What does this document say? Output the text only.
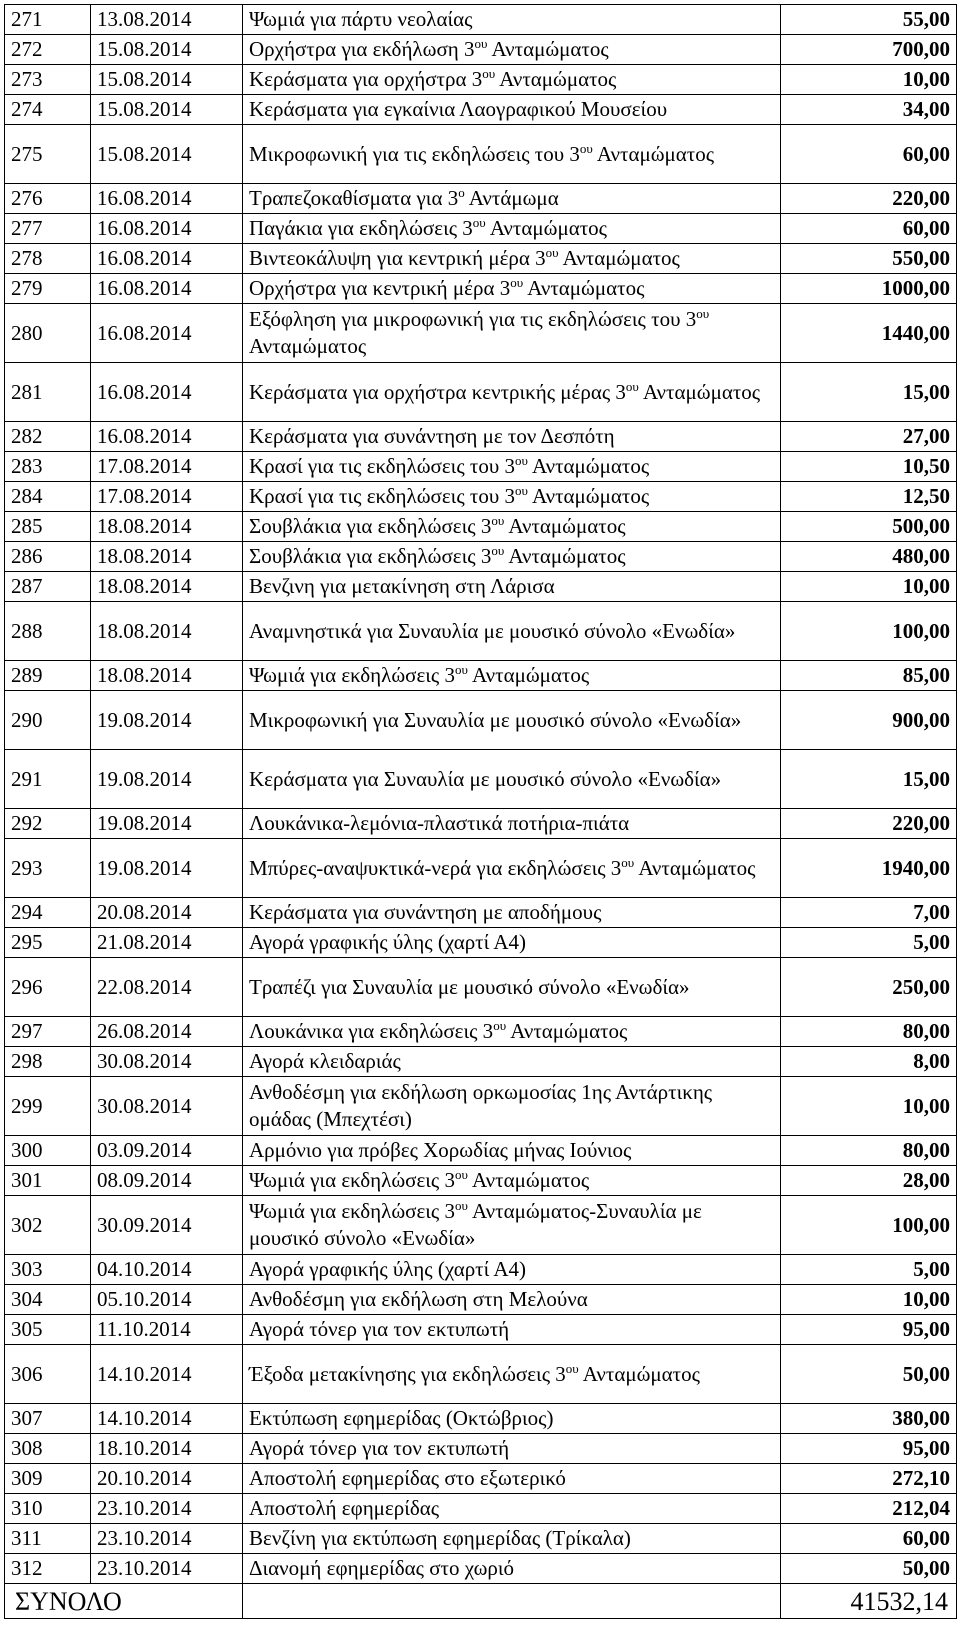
271	13.08.2014	Ψωμιά για πάρτυ νεολαίας	55,00
272	15.08.2014	Ορχήστρα για εκδήλωση $3^{o\upsilon}$ Ανταμώματος	700,00
273	15.08.2014	Κεράσματα για ορχήστρα $3^{o\upsilon}$ Ανταμώματος	10,00
274	15.08.2014	Κεράσματα για εγκαίνια Λαογραφικού Μουσείου	34,00
275	15.08.2014	Μικροφωνική για τις εκδηλώσεις του $3^{o\upsilon}$ Ανταμώματος	60,00
276	16.08.2014	Τραπεζοκαθίσματα για $3^o$ Αντάμωμα	220,00
277	16.08.2014	Παγάκια για εκδηλώσεις $3^{o\upsilon}$ Ανταμώματος	60,00
278	16.08.2014	Βιντεοκάλυψη για κεντρική μέρα $3^{o\upsilon}$ Ανταμώματος	550,00
279	16.08.2014	Ορχήστρα για κεντρική μέρα $3^{o\upsilon}$ Ανταμώματος	1000,00
280	16.08.2014	Εξόφληση για μικροφωνική για τις εκδηλώσεις του $3^{o\upsilon}$ Ανταμώματος	1440,00
281	16.08.2014	Κεράσματα για ορχήστρα κεντρικής μέρας $3^{o\upsilon}$ Ανταμώματος	15,00
282	16.08.2014	Κεράσματα για συνάντηση με τον Δεσπότη	27,00
283	17.08.2014	Κρασί για τις εκδηλώσεις του $3^{o\upsilon}$ Ανταμώματος	10,50
284	17.08.2014	Κρασί για τις εκδηλώσεις του $3^{o\upsilon}$ Ανταμώματος	12,50
285	18.08.2014	Σουβλάκια για εκδηλώσεις $3^{o\upsilon}$ Ανταμώματος	500,00
286	18.08.2014	Σουβλάκια για εκδηλώσεις $3^{o\upsilon}$ Ανταμώματος	480,00
287	18.08.2014	Βενζινη για μετακίνηση στη Λάρισα	10,00
288	18.08.2014	Αναμνηστικά για Συναυλία με μουσικό σύνολο «Ενωδία»	100,00
289	18.08.2014	Ψωμιά για εκδηλώσεις $3^{o\upsilon}$ Ανταμώματος	85,00
290	19.08.2014	Μικροφωνική για Συναυλία με μουσικό σύνολο «Ενωδία»	900,00
291	19.08.2014	Κεράσματα για Συναυλία με μουσικό σύνολο «Ενωδία»	15,00
292	19.08.2014	Λουκάνικα-λεμόνια-πλαστικά ποτήρια-πιάτα	220,00
293	19.08.2014	Μπύρες-αναψυκτικά-νερά για εκδηλώσεις $3^{o\upsilon}$ Ανταμώματος	1940,00
294	20.08.2014	Κεράσματα για συνάντηση με αποδήμους	7,00
295	21.08.2014	Αγορά γραφικής ύλης (χαρτί Α4)	5,00
296	22.08.2014	Τραπέζι για Συναυλία με μουσικό σύνολο «Ενωδία»	250,00
297	26.08.2014	Λουκάνικα για εκδηλώσεις $3^{o\upsilon}$ Ανταμώματος	80,00
298	30.08.2014	Αγορά κλειδαριάς	8,00
299	30.08.2014	Ανθοδέσμη για εκδήλωση ορκωμοσίας 1ης Αντάρτικης ομάδας (Μπεχτέσι)	10,00
300	03.09.2014	Αρμόνιο για πρόβες Χορωδίας μήνας Ιούνιος	80,00
301	08.09.2014	Ψωμιά για εκδηλώσεις $3^{o\upsilon}$ Ανταμώματος	28,00
302	30.09.2014	Ψωμιά για εκδηλώσεις $3^{o\upsilon}$ Ανταμώματος-Συναυλία με μουσικό σύνολο «Ενωδία»	100,00
303	04.10.2014	Αγορά γραφικής ύλης (χαρτί Α4)	5,00
304	05.10.2014	Ανθοδέσμη για εκδήλωση στη Μελούνα	10,00
305	11.10.2014	Αγορά τόνερ για τον εκτυπωτή	95,00
306	14.10.2014	Έξοδα μετακίνησης για εκδηλώσεις $3^{o\upsilon}$ Ανταμώματος	50,00
307	14.10.2014	Εκτύπωση εφημερίδας (Οκτώβριος)	380,00
308	18.10.2014	Αγορά τόνερ για τον εκτυπωτή	95,00
309	20.10.2014	Αποστολή εφημερίδας στο εξωτερικό	272,10
310	23.10.2014	Αποστολή εφημερίδας	212,04
311	23.10.2014	Βενζίνη για εκτύπωση εφημερίδας (Τρίκαλα)	60,00
312	23.10.2014	Διανομή εφημερίδας στο χωριό	50,00
ΣΥΝΟΛΟ			41532,14
